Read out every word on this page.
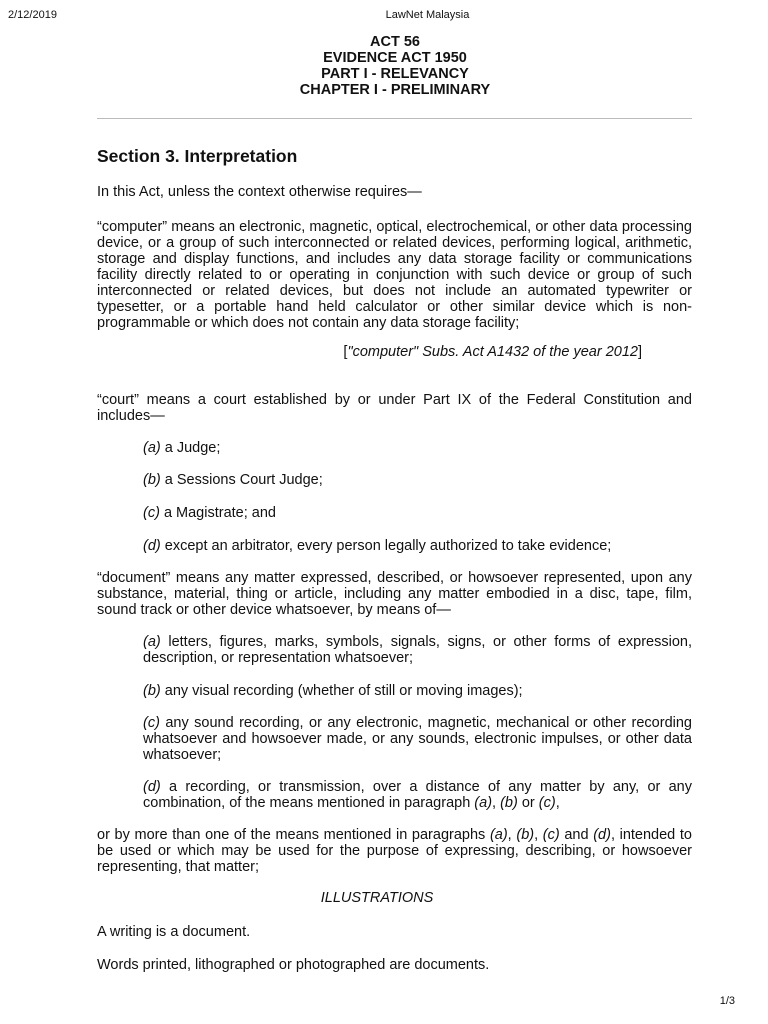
2/12/2019	LawNet Malaysia
ACT 56
EVIDENCE ACT 1950
PART I - RELEVANCY
CHAPTER I - PRELIMINARY
Section 3. Interpretation
In this Act, unless the context otherwise requires—
“computer” means an electronic, magnetic, optical, electrochemical, or other data processing device, or a group of such interconnected or related devices, performing logical, arithmetic, storage and display functions, and includes any data storage facility or communications facility directly related to or operating in conjunction with such device or group of such interconnected or related devices, but does not include an automated typewriter or typesetter, or a portable hand held calculator or other similar device which is non-programmable or which does not contain any data storage facility;
["computer" Subs. Act A1432 of the year 2012]
“court” means a court established by or under Part IX of the Federal Constitution and includes—
(a) a Judge;
(b) a Sessions Court Judge;
(c) a Magistrate; and
(d) except an arbitrator, every person legally authorized to take evidence;
“document” means any matter expressed, described, or howsoever represented, upon any substance, material, thing or article, including any matter embodied in a disc, tape, film, sound track or other device whatsoever, by means of—
(a) letters, figures, marks, symbols, signals, signs, or other forms of expression, description, or representation whatsoever;
(b) any visual recording (whether of still or moving images);
(c) any sound recording, or any electronic, magnetic, mechanical or other recording whatsoever and howsoever made, or any sounds, electronic impulses, or other data whatsoever;
(d) a recording, or transmission, over a distance of any matter by any, or any combination, of the means mentioned in paragraph (a), (b) or (c),
or by more than one of the means mentioned in paragraphs (a), (b), (c) and (d), intended to be used or which may be used for the purpose of expressing, describing, or howsoever representing, that matter;
ILLUSTRATIONS
A writing is a document.
Words printed, lithographed or photographed are documents.
1/3
